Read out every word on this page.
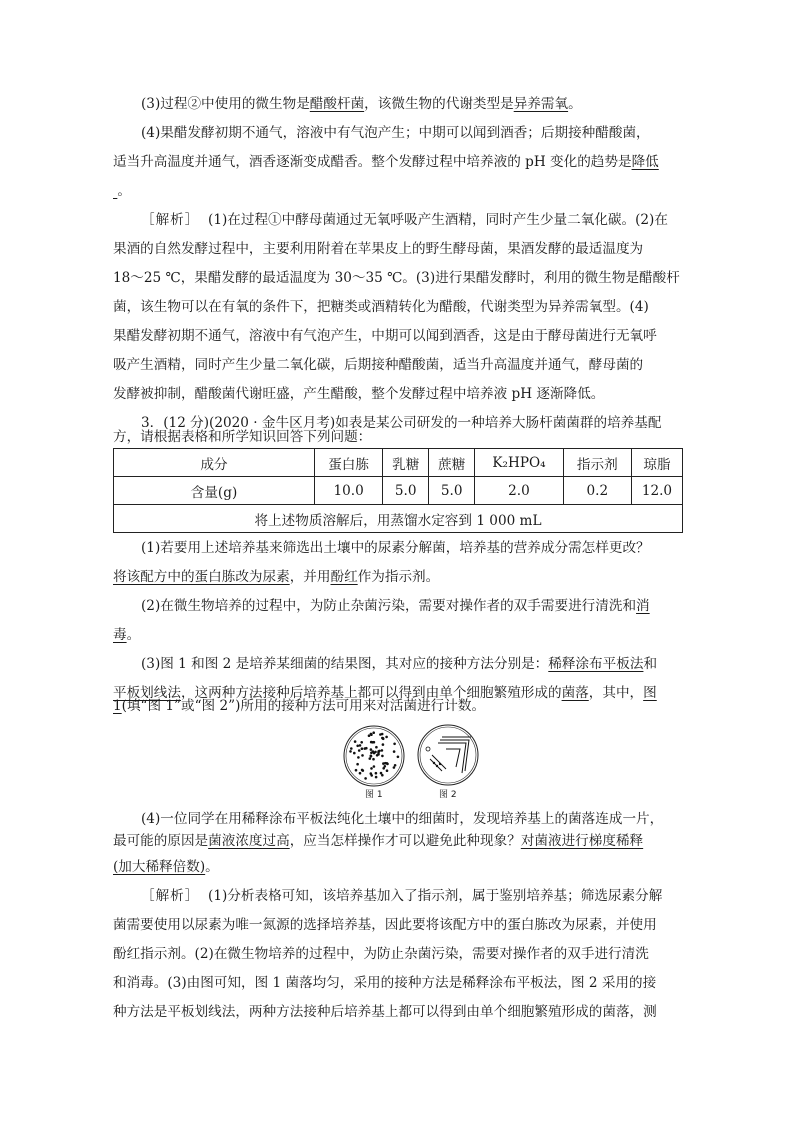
(3)过程②中使用的微生物是醋酸杆菌，该微生物的代谢类型是异养需氧。
(4)果醋发酵初期不通气，溶液中有气泡产生；中期可以闻到酒香；后期接种醋酸菌，
适当升高温度并通气，酒香逐渐变成醋香。整个发酵过程中培养液的 pH 变化的趋势是降低
。
［解析］ (1)在过程①中酵母菌通过无氧呼吸产生酒精，同时产生少量二氧化碳。(2)在
果酒的自然发酵过程中，主要利用附着在苹果皮上的野生酵母菌，果酒发酵的最适温度为
18～25 ℃，果醋发酵的最适温度为 30～35 ℃。(3)进行果醋发酵时，利用的微生物是醋酸杆
菌，该生物可以在有氧的条件下，把糖类或酒精转化为醋酸，代谢类型为异养需氧型。(4)
果醋发酵初期不通气，溶液中有气泡产生，中期可以闻到酒香，这是由于酵母菌进行无氧呼
吸产生酒精，同时产生少量二氧化碳，后期接种醋酸菌，适当升高温度并通气，酵母菌的
发酵被抑制，醋酸菌代谢旺盛，产生醋酸，整个发酵过程中培养液 pH 逐渐降低。
3．(12 分)(2020 · 金牛区月考)如表是某公司研发的一种培养大肠杆菌菌群的培养基配
方，请根据表格和所学知识回答下列问题：
成分	蛋白胨	乳糖	蔗糖	K₂HPO₄	指示剂	琼脂
含量(g)	10.0	5.0	5.0	2.0	0.2	12.0
将上述物质溶解后，用蒸馏水定容到 1 000 mL						
(1)若要用上述培养基来筛选出土壤中的尿素分解菌，培养基的营养成分需怎样更改？
将该配方中的蛋白胨改为尿素，并用酚红作为指示剂。
(2)在微生物培养的过程中，为防止杂菌污染，需要对操作者的双手需要进行清洗和消
毒。
(3)图 1 和图 2 是培养某细菌的结果图，其对应的接种方法分别是：稀释涂布平板法和
平板划线法，这两种方法接种后培养基上都可以得到由单个细胞繁殖形成的菌落，其中，图
1(填“图 1”或“图 2”)所用的接种方法可用来对活菌进行计数。
图 1	图 2
(4)一位同学在用稀释涂布平板法纯化土壤中的细菌时，发现培养基上的菌落连成一片，
最可能的原因是菌液浓度过高，应当怎样操作才可以避免此种现象？对菌液进行梯度稀释
(加大稀释倍数)。
［解析］ (1)分析表格可知，该培养基加入了指示剂，属于鉴别培养基；筛选尿素分解
菌需要使用以尿素为唯一氮源的选择培养基，因此要将该配方中的蛋白胨改为尿素，并使用
酚红指示剂。(2)在微生物培养的过程中，为防止杂菌污染，需要对操作者的双手进行清洗
和消毒。(3)由图可知，图 1 菌落均匀，采用的接种方法是稀释涂布平板法，图 2 采用的接
种方法是平板划线法，两种方法接种后培养基上都可以得到由单个细胞繁殖形成的菌落，测
